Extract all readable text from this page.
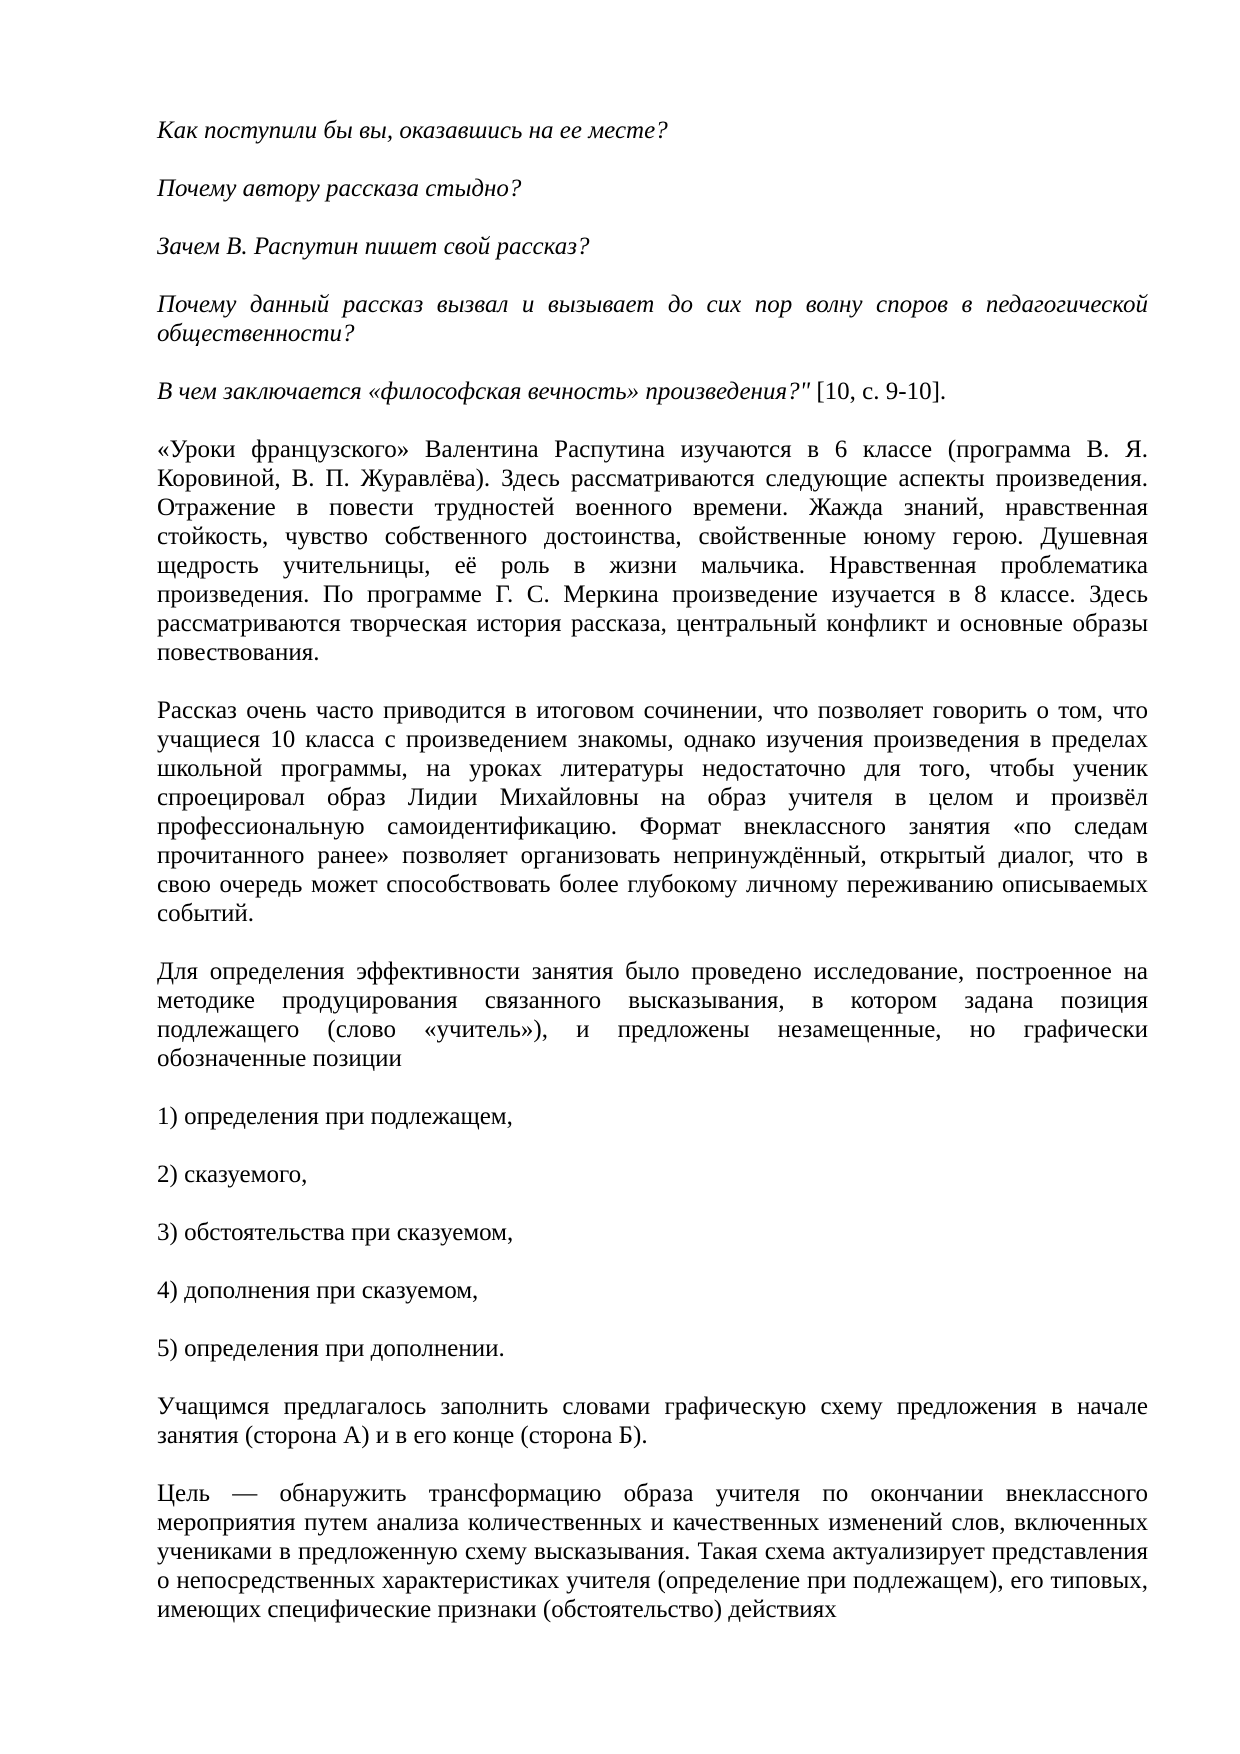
Как поступили бы вы, оказавшись на ее месте?

Почему автору рассказа стыдно?

Зачем В. Распутин пишет свой рассказ?

Почему данный рассказ вызвал и вызывает до сих пор волну споров в педагогической общественности?

В чем заключается «философская вечность» произведения?" [10, с. 9-10].

«Уроки французского» Валентина Распутина изучаются в 6 классе (программа В. Я. Коровиной, В. П. Журавлёва). Здесь рассматриваются следующие аспекты произведения. Отражение в повести трудностей военного времени. Жажда знаний, нравственная стойкость, чувство собственного достоинства, свойственные юному герою. Душевная щедрость учительницы, её роль в жизни мальчика. Нравственная проблематика произведения. По программе Г. С. Меркина произведение изучается в 8 классе. Здесь рассматриваются творческая история рассказа, центральный конфликт и основные образы повествования.

Рассказ очень часто приводится в итоговом сочинении, что позволяет говорить о том, что учащиеся 10 класса с произведением знакомы, однако изучения произведения в пределах школьной программы, на уроках литературы недостаточно для того, чтобы ученик спроецировал образ Лидии Михайловны на образ учителя в целом и произвёл профессиональную самоидентификацию. Формат внеклассного занятия «по следам прочитанного ранее» позволяет организовать непринуждённый, открытый диалог, что в свою очередь может способствовать более глубокому личному переживанию описываемых событий.

Для определения эффективности занятия было проведено исследование, построенное на методике продуцирования связанного высказывания, в котором задана позиция подлежащего (слово «учитель»), и предложены незамещенные, но графически обозначенные позиции

1) определения при подлежащем,

2) сказуемого,

3) обстоятельства при сказуемом,

4) дополнения при сказуемом,

5) определения при дополнении.

Учащимся предлагалось заполнить словами графическую схему предложения в начале занятия (сторона А) и в его конце (сторона Б).

Цель — обнаружить трансформацию образа учителя по окончании внеклассного мероприятия путем анализа количественных и качественных изменений слов, включенных учениками в предложенную схему высказывания. Такая схема актуализирует представления о непосредственных характеристиках учителя (определение при подлежащем), его типовых, имеющих специфические признаки (обстоятельство) действиях
